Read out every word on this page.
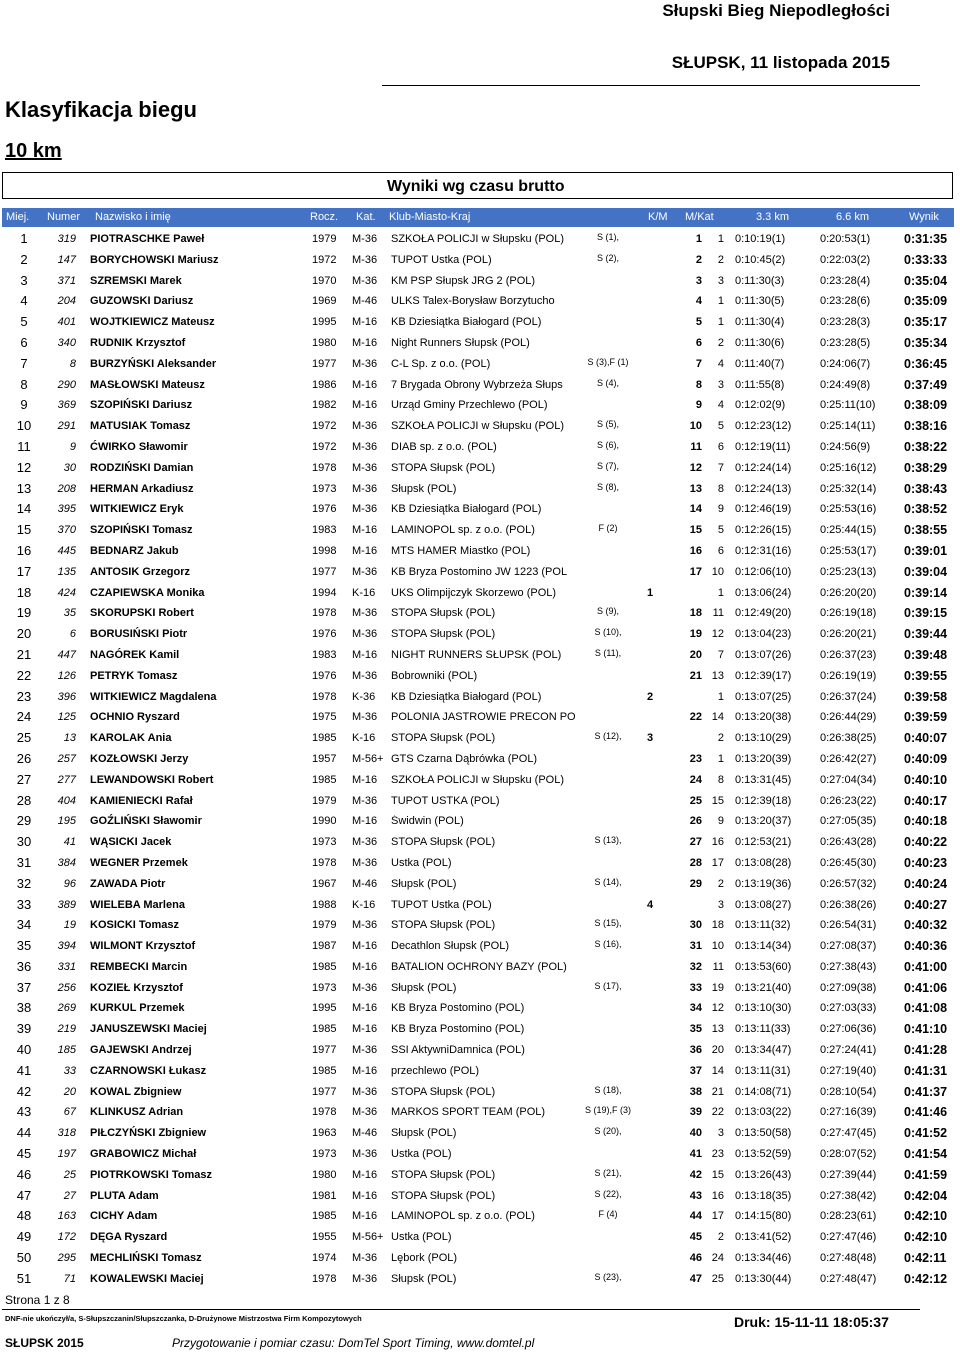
Słupski Bieg Niepodległości
SŁUPSK, 11 listopada 2015
Klasyfikacja biegu
10 km
Wyniki wg czasu brutto
Miej. Numer Nazwisko i imię	Rocz. Kat. Klub-Miasto-Kraj	K/M M/Kat	3.3 km	6.6 km	Wynik
1	319 PIOTRASCHKE Paweł	1979 M-36 SZKOŁA POLICJI w Słupsku (POL)	S (1),	1	1 0:10:19(1)	0:20:53(1)	0:31:35
2	147 BORYCHOWSKI Mariusz	1972 M-36 TUPOT Ustka (POL)	S (2),	2	2 0:10:45(2)	0:22:03(2)	0:33:33
3	371 SZREMSKI Marek	1970 M-36 KM PSP Słupsk JRG 2 (POL)	3	3 0:11:30(3)	0:23:28(4)	0:35:04
4	204 GUZOWSKI Dariusz	1969 M-46 ULKS Talex-Borysław Borzytucho	4	1 0:11:30(5)	0:23:28(6)	0:35:09
5	401 WOJTKIEWICZ Mateusz	1995 M-16 KB Dziesiątka Białogard (POL)	5	1 0:11:30(4)	0:23:28(3)	0:35:17
6	340 RUDNIK Krzysztof	1980 M-16 Night Runners Słupsk (POL)	6	2 0:11:30(6)	0:23:28(5)	0:35:34
7	8 BURZYŃSKI Aleksander	1977 M-36 C-L Sp. z o.o. (POL)	S (3),F (1)	7	4 0:11:40(7)	0:24:06(7)	0:36:45
8	290 MASŁOWSKI Mateusz	1986 M-16 7 Brygada Obrony Wybrzeża Słups	S (4),	8	3 0:11:55(8)	0:24:49(8)	0:37:49
9	369 SZOPIŃSKI Dariusz	1982 M-16 Urząd Gminy Przechlewo (POL)	9	4 0:12:02(9)	0:25:11(10) 0:38:09
10	291 MATUSIAK Tomasz	1972 M-36 SZKOŁA POLICJI w Słupsku (POL)	S (5),	10	5 0:12:23(12)	0:25:14(11) 0:38:16
11	9 ĆWIRKO Sławomir	1972 M-36 DIAB sp. z o.o. (POL)	S (6),	11	6 0:12:19(11)	0:24:56(9)	0:38:22
12	30 RODZIŃSKI Damian	1978 M-36 STOPA Słupsk (POL)	S (7),	12	7 0:12:24(14)	0:25:16(12) 0:38:29
13	208 HERMAN Arkadiusz	1973 M-36 Słupsk (POL)	S (8),	13	8 0:12:24(13)	0:25:32(14) 0:38:43
14	395 WITKIEWICZ Eryk	1976 M-36 KB Dziesiątka Białogard (POL)	14	9 0:12:46(19)	0:25:53(16) 0:38:52
15	370 SZOPIŃSKI Tomasz	1983 M-16 LAMINOPOL sp. z o.o. (POL)	F (2)	15	5 0:12:26(15)	0:25:44(15) 0:38:55
16	445 BEDNARZ Jakub	1998 M-16 MTS HAMER Miastko (POL)	16	6 0:12:31(16)	0:25:53(17) 0:39:01
17	135 ANTOSIK Grzegorz	1977 M-36 KB Bryza Postomino JW 1223 (POL	17 10 0:12:06(10)	0:25:23(13) 0:39:04
18	424 CZAPIEWSKA Monika	1994 K-16 UKS Olimpijczyk Skorzewo (POL)	1	1 0:13:06(24)	0:26:20(20) 0:39:14
19	35 SKORUPSKI Robert	1978 M-36 STOPA Słupsk (POL)	S (9),	18 11 0:12:49(20)	0:26:19(18) 0:39:15
20	6 BORUSIŃSKI Piotr	1976 M-36 STOPA Słupsk (POL)	S (10),	19 12 0:13:04(23)	0:26:20(21) 0:39:44
21	447 NAGÓREK Kamil	1983 M-16 NIGHT RUNNERS SŁUPSK (POL)	S (11),	20	7 0:13:07(26)	0:26:37(23) 0:39:48
22	126 PETRYK Tomasz	1976 M-36 Bobrowniki (POL)	21 13 0:12:39(17)	0:26:19(19) 0:39:55
23	396 WITKIEWICZ Magdalena	1978 K-36 KB Dziesiątka Białogard (POL)	2	1 0:13:07(25)	0:26:37(24) 0:39:58
24	125 OCHNIO Ryszard	1975 M-36 POLONIA JASTROWIE PRECON PO	22 14 0:13:20(38)	0:26:44(29) 0:39:59
25	13 KAROLAK Ania	1985 K-16 STOPA Słupsk (POL)	S (12),	3	2 0:13:10(29)	0:26:38(25) 0:40:07
26	257 KOZŁOWSKI Jerzy	1957 M-56+ GTS Czarna Dąbrówka (POL)	23	1 0:13:20(39)	0:26:42(27) 0:40:09
27	277 LEWANDOWSKI Robert	1985 M-16 SZKOŁA POLICJI w Słupsku (POL)	24	8 0:13:31(45)	0:27:04(34) 0:40:10
28	404 KAMIENIECKI Rafał	1979 M-36 TUPOT USTKA (POL)	25 15 0:12:39(18)	0:26:23(22) 0:40:17
29	195 GOŹLIŃSKI Sławomir	1990 M-16 Świdwin (POL)	26	9 0:13:20(37)	0:27:05(35) 0:40:18
30	41 WĄSICKI Jacek	1973 M-36 STOPA Słupsk (POL)	S (13),	27 16 0:12:53(21)	0:26:43(28) 0:40:22
31	384 WEGNER Przemek	1978 M-36 Ustka (POL)	28 17 0:13:08(28)	0:26:45(30) 0:40:23
32	96 ZAWADA Piotr	1967 M-46 Słupsk (POL)	S (14),	29	2 0:13:19(36)	0:26:57(32) 0:40:24
33	389 WIELEBA Marlena	1988 K-16 TUPOT Ustka (POL)	4	3 0:13:08(27)	0:26:38(26) 0:40:27
34	19 KOSICKI Tomasz	1979 M-36 STOPA Słupsk (POL)	S (15),	30 18 0:13:11(32)	0:26:54(31) 0:40:32
35	394 WILMONT Krzysztof	1987 M-16 Decathlon Słupsk (POL)	S (16),	31 10 0:13:14(34)	0:27:08(37) 0:40:36
36	331 REMBECKI Marcin	1985 M-16 BATALION OCHRONY BAZY (POL)	32 11 0:13:53(60)	0:27:38(43) 0:41:00
37	256 KOZIEŁ Krzysztof	1973 M-36 Słupsk (POL)	S (17),	33 19 0:13:21(40)	0:27:09(38) 0:41:06
38	269 KURKUL Przemek	1995 M-16 KB Bryza Postomino (POL)	34 12 0:13:10(30)	0:27:03(33) 0:41:08
39	219 JANUSZEWSKI Maciej	1985 M-16 KB Bryza Postomino (POL)	35 13 0:13:11(33)	0:27:06(36) 0:41:10
40	185 GAJEWSKI Andrzej	1977 M-36 SSI AktywniDamnica (POL)	36 20 0:13:34(47)	0:27:24(41) 0:41:28
41	33 CZARNOWSKI Łukasz	1985 M-16 przechlewo (POL)	37 14 0:13:11(31)	0:27:19(40) 0:41:31
42	20 KOWAL Zbigniew	1977 M-36 STOPA Słupsk (POL)	S (18),	38 21 0:14:08(71)	0:28:10(54) 0:41:37
43	67 KLINKUSZ Adrian	1978 M-36 MARKOS SPORT TEAM (POL)	S (19),F (3)	39 22 0:13:03(22)	0:27:16(39) 0:41:46
44	318 PIŁCZYŃSKI Zbigniew	1963 M-46 Słupsk (POL)	S (20),	40	3 0:13:50(58)	0:27:47(45) 0:41:52
45	197 GRABOWICZ Michał	1973 M-36 Ustka (POL)	41 23 0:13:52(59)	0:28:07(52) 0:41:54
46	25 PIOTRKOWSKI Tomasz	1980 M-16 STOPA Słupsk (POL)	S (21),	42 15 0:13:26(43)	0:27:39(44) 0:41:59
47	27 PLUTA Adam	1981 M-16 STOPA Słupsk (POL)	S (22),	43 16 0:13:18(35)	0:27:38(42) 0:42:04
48	163 CICHY Adam	1985 M-16 LAMINOPOL sp. z o.o. (POL)	F (4)	44 17 0:14:15(80)	0:28:23(61) 0:42:10
49	172 DĘGA Ryszard	1955 M-56+ Ustka (POL)	45	2 0:13:41(52)	0:27:47(46) 0:42:10
50	295 MECHLIŃSKI Tomasz	1974 M-36 Lębork (POL)	46 24 0:13:34(46)	0:27:48(48) 0:42:11
51	71 KOWALEWSKI Maciej	1978 M-36 Słupsk (POL)	S (23),	47 25 0:13:30(44)	0:27:48(47) 0:42:12
Strona 1 z 8
DNF-nie ukończył/a, S-Słupszczanin/Słupszczanka, D-Drużynowe Mistrzostwa Firm Kompozytowych	Druk: 15-11-11 18:05:37
SŁUPSK 2015	Przygotowanie i pomiar czasu: DomTel Sport Timing, www.domtel.pl
